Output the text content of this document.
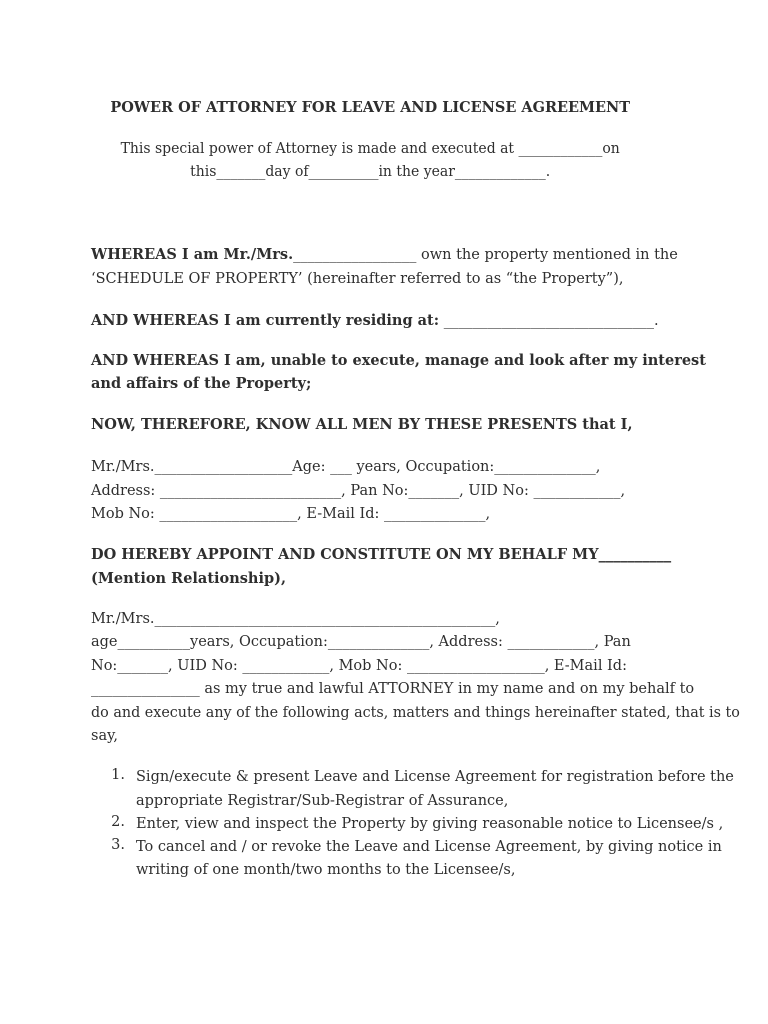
POWER OF ATTORNEY FOR LEAVE AND LICENSE AGREEMENT
This special power of Attorney is made and executed at ____________on
this_______day of__________in the year_____________.
WHEREAS I am Mr./Mrs._________________ own the property mentioned in the
‘SCHEDULE OF PROPERTY’ (hereinafter referred to as “the Property”),
AND WHEREAS I am currently residing at: _____________________________.
AND WHEREAS I am, unable to execute, manage and look after my interest
and affairs of the Property;
NOW, THEREFORE, KNOW ALL MEN BY THESE PRESENTS that I,
Mr./Mrs.___________________Age: ___ years, Occupation:______________,
Address: _________________________, Pan No:_______, UID No: ____________,
Mob No: ___________________, E-Mail Id: ______________,
DO HEREBY APPOINT AND CONSTITUTE ON MY BEHALF MY__________
(Mention Relationship),
Mr./Mrs._______________________________________________,
age__________years, Occupation:______________, Address: ____________, Pan
No:_______, UID No: ____________, Mob No: ___________________, E-Mail Id:
_______________ as my true and lawful ATTORNEY in my name and on my behalf to
do and execute any of the following acts, matters and things hereinafter stated, that is to
say,
1. Sign/execute & present Leave and License Agreement for registration before the
appropriate Registrar/Sub-Registrar of Assurance,
2. Enter, view and inspect the Property by giving reasonable notice to Licensee/s ,
3. To cancel and / or revoke the Leave and License Agreement, by giving notice in
writing of one month/two months to the Licensee/s,
